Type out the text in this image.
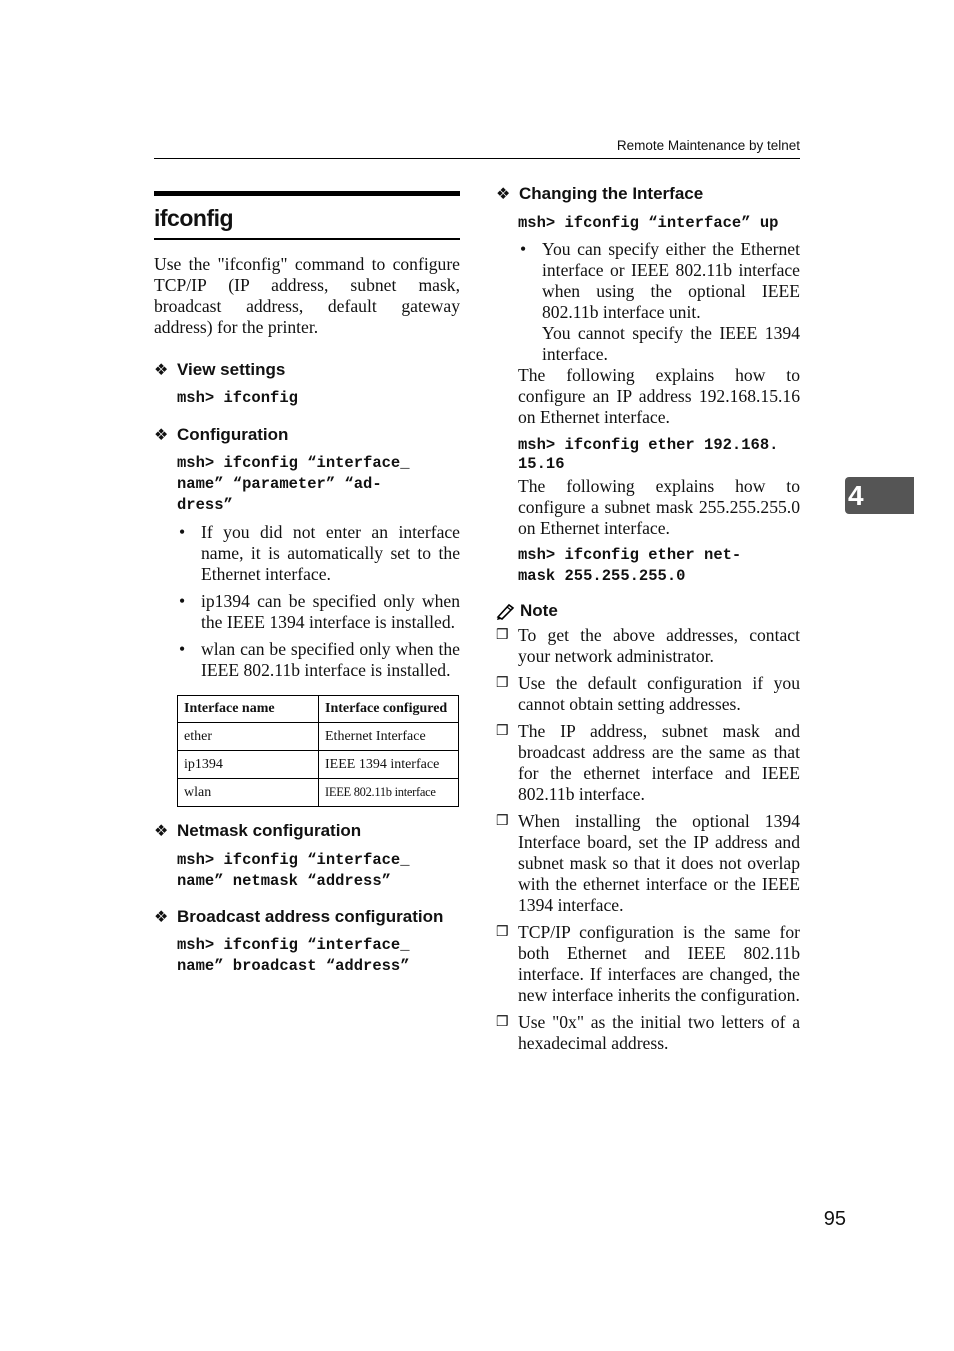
Remote Maintenance by telnet
ifconfig
Use the "ifconfig" command to configure TCP/IP (IP address, subnet mask, broadcast address, default gateway address) for the printer.
❖ View settings
msh> ifconfig
❖ Configuration
msh> ifconfig “interface_
name” “parameter” “ad-
dress”
• If you did not enter an interface name, it is automatically set to the Ethernet interface.
• ip1394 can be specified only when the IEEE 1394 interface is installed.
• wlan can be specified only when the IEEE 802.11b interface is installed.
Interface name	Interface configured
ether	Ethernet Interface
ip1394	IEEE 1394 interface
wlan	IEEE 802.11b interface
❖ Netmask configuration
msh> ifconfig “interface_
name” netmask “address”
❖ Broadcast address configuration
msh> ifconfig “interface_
name” broadcast “address”
❖ Changing the Interface
msh> ifconfig “interface” up
• You can specify either the Ethernet interface or IEEE 802.11b interface when using the optional IEEE 802.11b interface unit.
You cannot specify the IEEE 1394 interface.
The following explains how to configure an IP address 192.168.15.16 on Ethernet interface.
msh> ifconfig ether 192.168.
15.16
The following explains how to configure a subnet mask 255.255.255.0 on Ethernet interface.
msh> ifconfig ether net-
mask 255.255.255.0
Note
❒ To get the above addresses, contact your network administrator.
❒ Use the default configuration if you cannot obtain setting addresses.
❒ The IP address, subnet mask and broadcast address are the same as that for the ethernet interface and IEEE 802.11b interface.
❒ When installing the optional 1394 Interface board, set the IP address and subnet mask so that it does not overlap with the ethernet interface or the IEEE 1394 interface.
❒ TCP/IP configuration is the same for both Ethernet and IEEE 802.11b interface. If interfaces are changed, the new interface inherits the configuration.
❒ Use "0x" as the initial two letters of a hexadecimal address.
4
95
